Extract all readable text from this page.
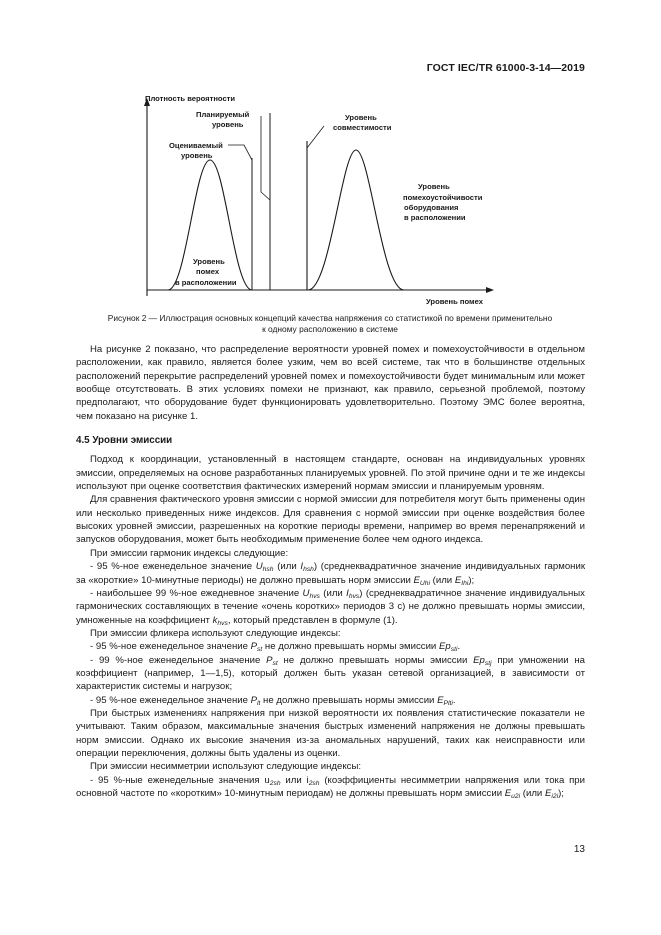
ГОСТ IEC/TR 61000-3-14—2019
Плотность вероятности
Планируемый
уровень
Оцениваемый
уровень
Уровень
совместимости
Уровень
помех
в расположении
Уровень
помехоустойчивости
оборудования
в расположении
Уровень помех
Рисунок 2 — Иллюстрация основных концепций качества напряжения со статистикой по времени применительно
к одному расположению в системе

На рисунке 2 показано, что распределение вероятности уровней помех и помехоустойчивости в отдельном расположении, как правило, является более узким, чем во всей системе, так что в большинстве отдельных расположений перекрытие распределений уровней помех и помехоустойчивости будет минимальным или может вообще отсутствовать. В этих условиях помехи не признают, как правило, серьезной проблемой, поэтому предполагают, что оборудование будет функционировать удовлетворительно. Поэтому ЭМС более вероятна, чем показано на рисунке 1.

4.5 Уровни эмиссии

Подход к координации, установленный в настоящем стандарте, основан на индивидуальных уровнях эмиссии, определяемых на основе разработанных планируемых уровней. По этой причине одни и те же индексы используют при оценке соответствия фактических измерений нормам эмиссии и планируемым уровням.

Для сравнения фактического уровня эмиссии с нормой эмиссии для потребителя могут быть применены один или несколько приведенных ниже индексов. Для сравнения с нормой эмиссии при оценке воздействия более высоких уровней эмиссии, разрешенных на короткие периоды времени, например во время перенапряжений и запусков оборудования, может быть необходимым применение более чем одного индекса.

При эмиссии гармоник индексы следующие:

- 95 %-ное еженедельное значение $U_{hsh}$ (или $I_{hsh}$) (среднеквадратичное значение индивидуальных гармоник за «короткие» 10-минутные периоды) не должно превышать норм эмиссии $E_{Uhi}$ (или $E_{Ihi}$);

- наибольшее 99 %-ное ежедневное значение $U_{hvs}$ (или $I_{hvs}$) (среднеквадратичное значение индивидуальных гармонических составляющих в течение «очень коротких» периодов 3 с) не должно превышать нормы эмиссии, умноженные на коэффициент $k_{hvs}$, который представлен в формуле (1).

При эмиссии фликера используют следующие индексы:

- 95 %-ное еженедельное значение $P_{st}$ не должно превышать нормы эмиссии $Ep_{sti}$.

- 99 %-ное еженедельное значение $P_{st}$ не должно превышать нормы эмиссии $Ep_{stj}$ при умножении на коэффициент (например, 1—1,5), который должен быть указан сетевой организацией, в зависимости от характеристик системы и нагрузок;

- 95 %-ное еженедельное значение $P_{lt}$ не должно превышать нормы эмиссии $E_{Plti}$.

При быстрых изменениях напряжения при низкой вероятности их появления статистические показатели не учитывают. Таким образом, максимальные значения быстрых изменений напряжения не должны превышать норм эмиссии. Однако их высокие значения из-за аномальных нарушений, таких как неисправности или операции переключения, должны быть удалены из оценки.

При эмиссии несимметрии используют следующие индексы:

- 95 %-ные еженедельные значения $u_{2sh}$ или $i_{2sh}$ (коэффициенты несимметрии напряжения или тока при основной частоте по «коротким» 10-минутным периодам) не должны превышать норм эмиссии $E_{u2i}$ (или $E_{i2i}$);

13
